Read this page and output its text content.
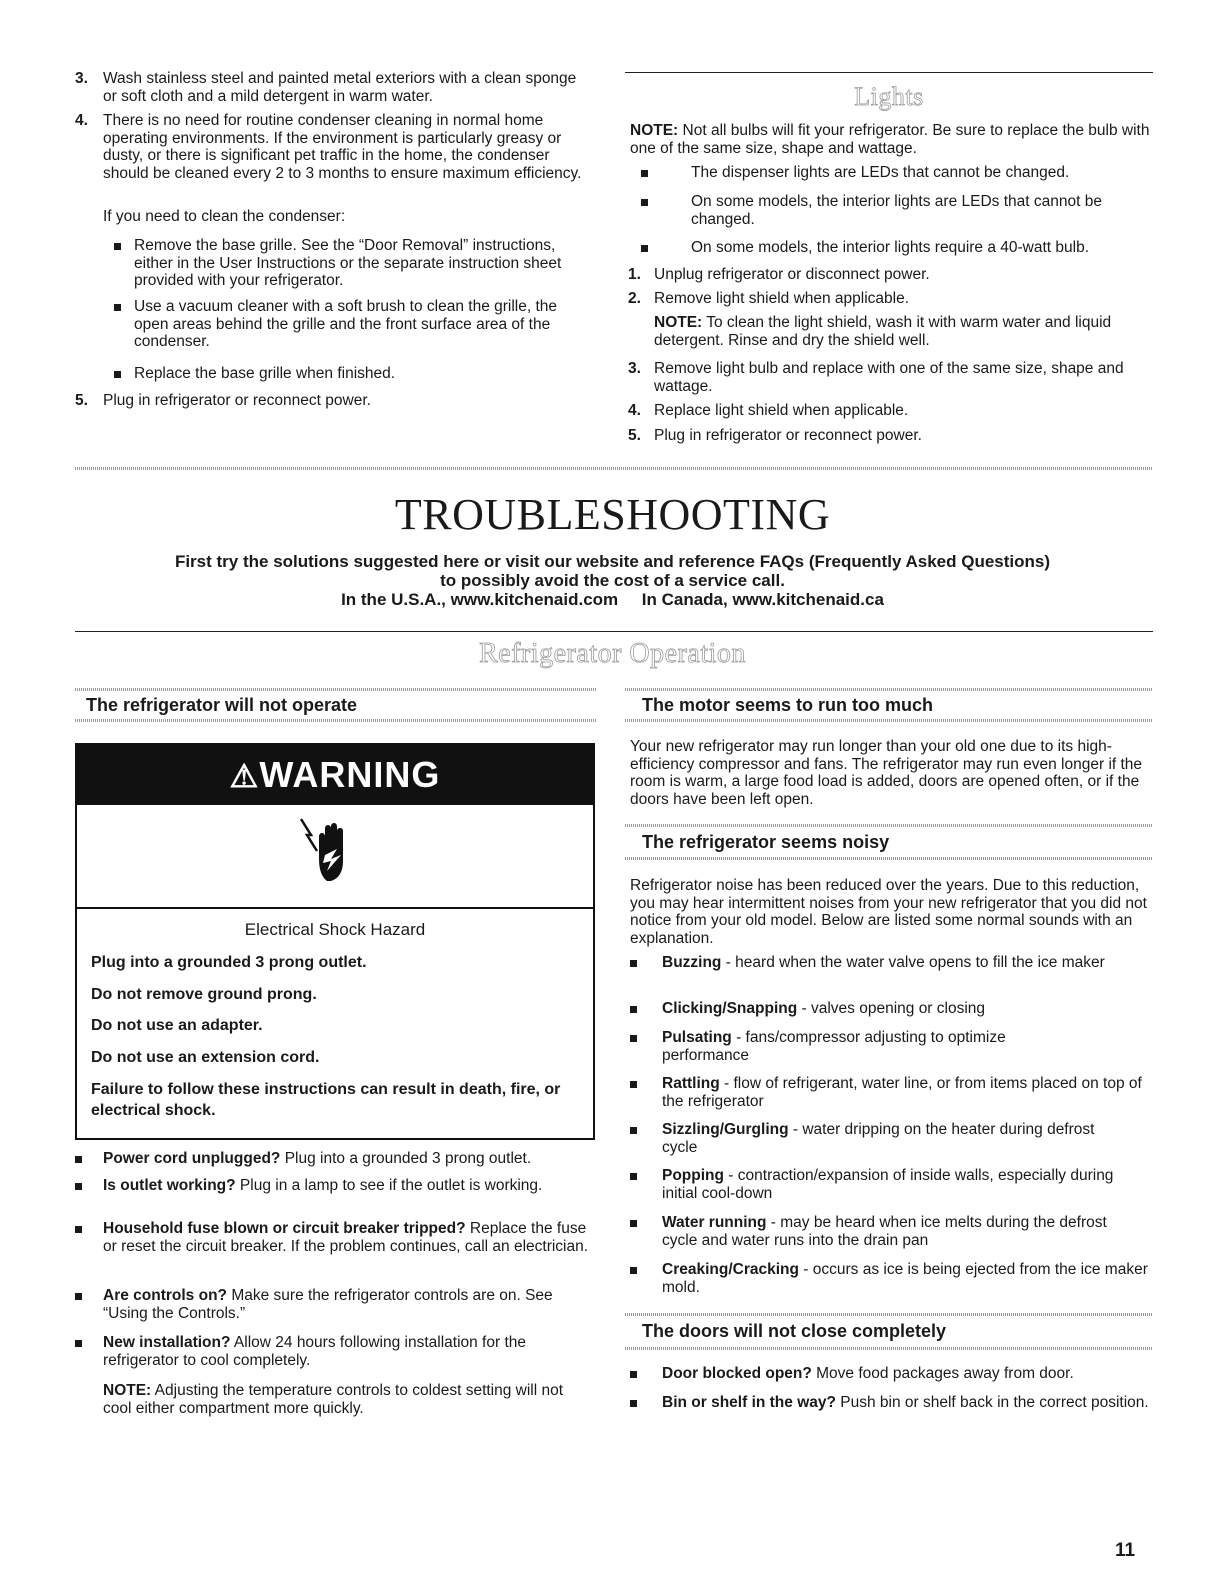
3. Wash stainless steel and painted metal exteriors with a clean sponge or soft cloth and a mild detergent in warm water.
4. There is no need for routine condenser cleaning in normal home operating environments. If the environment is particularly greasy or dusty, or there is significant pet traffic in the home, the condenser should be cleaned every 2 to 3 months to ensure maximum efficiency.
If you need to clean the condenser:
Remove the base grille. See the “Door Removal” instructions, either in the User Instructions or the separate instruction sheet provided with your refrigerator.
Use a vacuum cleaner with a soft brush to clean the grille, the open areas behind the grille and the front surface area of the condenser.
Replace the base grille when finished.
5. Plug in refrigerator or reconnect power.
Lights
NOTE: Not all bulbs will fit your refrigerator. Be sure to replace the bulb with one of the same size, shape and wattage.
The dispenser lights are LEDs that cannot be changed.
On some models, the interior lights are LEDs that cannot be changed.
On some models, the interior lights require a 40-watt bulb.
1. Unplug refrigerator or disconnect power.
2. Remove light shield when applicable.
NOTE: To clean the light shield, wash it with warm water and liquid detergent. Rinse and dry the shield well.
3. Remove light bulb and replace with one of the same size, shape and wattage.
4. Replace light shield when applicable.
5. Plug in refrigerator or reconnect power.
TROUBLESHOOTING
First try the solutions suggested here or visit our website and reference FAQs (Frequently Asked Questions)
to possibly avoid the cost of a service call.
In the U.S.A., www.kitchenaid.com     In Canada, www.kitchenaid.ca
Refrigerator Operation
The refrigerator will not operate
⚠WARNING
Electrical Shock Hazard
Plug into a grounded 3 prong outlet.
Do not remove ground prong.
Do not use an adapter.
Do not use an extension cord.
Failure to follow these instructions can result in death, fire, or electrical shock.
Power cord unplugged? Plug into a grounded 3 prong outlet.
Is outlet working? Plug in a lamp to see if the outlet is working.
Household fuse blown or circuit breaker tripped? Replace the fuse or reset the circuit breaker. If the problem continues, call an electrician.
Are controls on? Make sure the refrigerator controls are on. See “Using the Controls.”
New installation? Allow 24 hours following installation for the refrigerator to cool completely.
NOTE: Adjusting the temperature controls to coldest setting will not cool either compartment more quickly.
The motor seems to run too much
Your new refrigerator may run longer than your old one due to its high-efficiency compressor and fans. The refrigerator may run even longer if the room is warm, a large food load is added, doors are opened often, or if the doors have been left open.
The refrigerator seems noisy
Refrigerator noise has been reduced over the years. Due to this reduction, you may hear intermittent noises from your new refrigerator that you did not notice from your old model. Below are listed some normal sounds with an explanation.
Buzzing - heard when the water valve opens to fill the ice maker
Clicking/Snapping - valves opening or closing
Pulsating - fans/compressor adjusting to optimize performance
Rattling - flow of refrigerant, water line, or from items placed on top of the refrigerator
Sizzling/Gurgling - water dripping on the heater during defrost cycle
Popping - contraction/expansion of inside walls, especially during initial cool-down
Water running - may be heard when ice melts during the defrost cycle and water runs into the drain pan
Creaking/Cracking - occurs as ice is being ejected from the ice maker mold.
The doors will not close completely
Door blocked open? Move food packages away from door.
Bin or shelf in the way? Push bin or shelf back in the correct position.
11
